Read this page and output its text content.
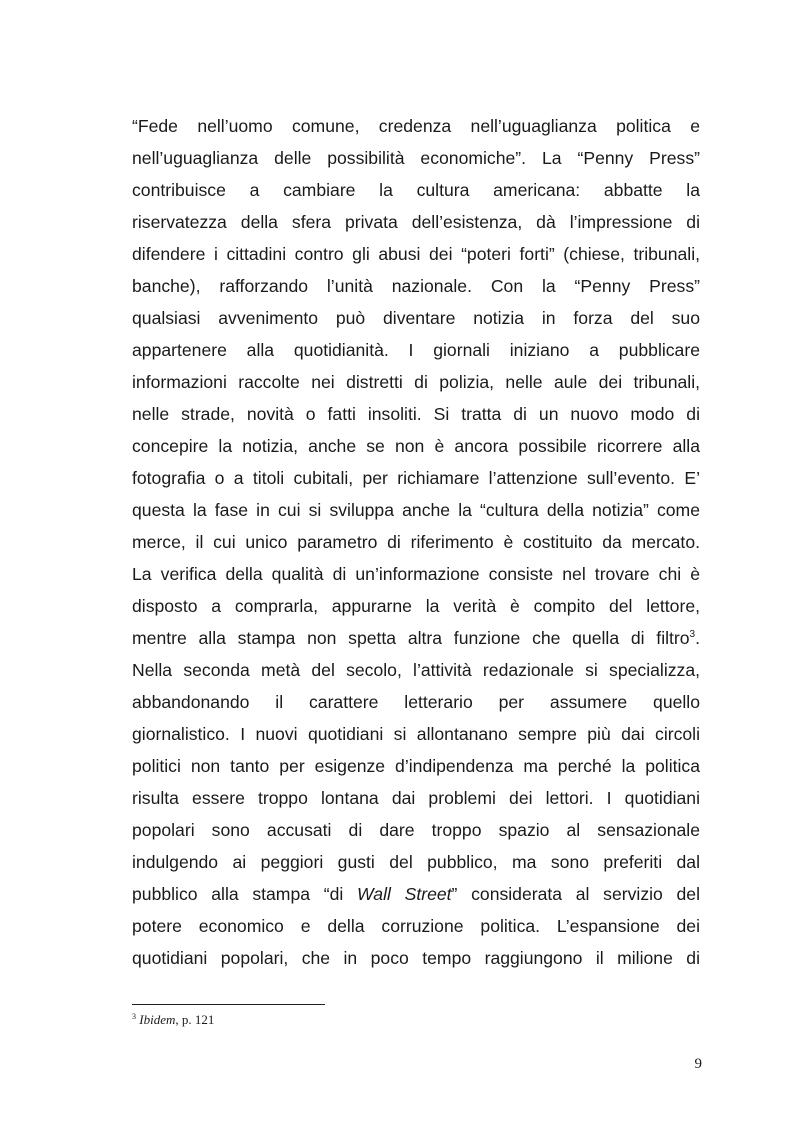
“Fede nell’uomo comune, credenza nell’uguaglianza politica e
nell’uguaglianza delle possibilità economiche”. La “Penny Press”
contribuisce a cambiare la cultura americana: abbatte la
riservatezza della sfera privata dell’esistenza, dà l’impressione di
difendere i cittadini contro gli abusi dei “poteri forti” (chiese, tribunali,
banche), rafforzando l’unità nazionale. Con la “Penny Press”
qualsiasi avvenimento può diventare notizia in forza del suo
appartenere alla quotidianità. I giornali iniziano a pubblicare
informazioni raccolte nei distretti di polizia, nelle aule dei tribunali,
nelle strade, novità o fatti insoliti. Si tratta di un nuovo modo di
concepire la notizia, anche se non è ancora possibile ricorrere alla
fotografia o a titoli cubitali, per richiamare l’attenzione sull’evento. E’
questa la fase in cui si sviluppa anche la “cultura della notizia” come
merce, il cui unico parametro di riferimento è costituito da mercato.
La verifica della qualità di un’informazione consiste nel trovare chi è
disposto a comprarla, appurarne la verità è compito del lettore,
mentre alla stampa non spetta altra funzione che quella di filtro$^3$.
Nella seconda metà del secolo, l’attività redazionale si specializza,
abbandonando il carattere letterario per assumere quello
giornalistico. I nuovi quotidiani si allontanano sempre più dai circoli
politici non tanto per esigenze d’indipendenza ma perché la politica
risulta essere troppo lontana dai problemi dei lettori. I quotidiani
popolari sono accusati di dare troppo spazio al sensazionale
indulgendo ai peggiori gusti del pubblico, ma sono preferiti dal
pubblico alla stampa “di Wall Street” considerata al servizio del
potere economico e della corruzione politica. L’espansione dei
quotidiani popolari, che in poco tempo raggiungono il milione di
$^3$ Ibidem, p. 121
9
